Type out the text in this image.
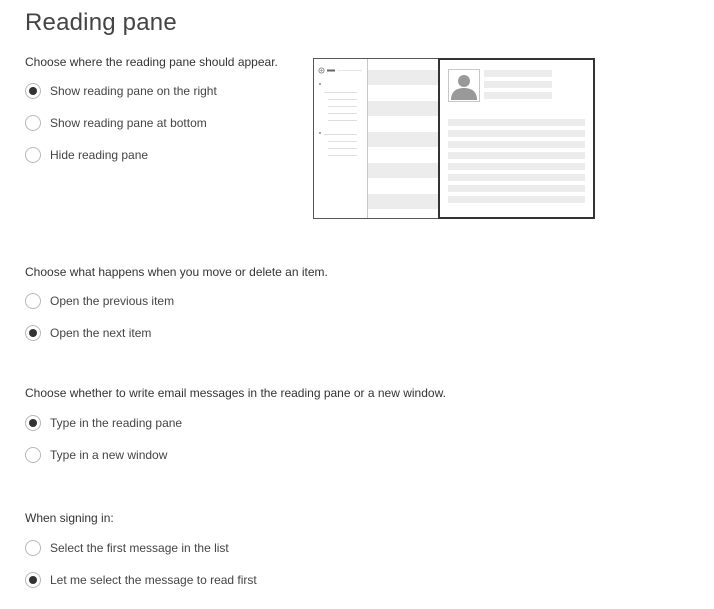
Reading pane
Choose where the reading pane should appear.
Show reading pane on the right
Show reading pane at bottom
Hide reading pane
Choose what happens when you move or delete an item.
Open the previous item
Open the next item
Choose whether to write email messages in the reading pane or a new window.
Type in the reading pane
Type in a new window
When signing in:
Select the first message in the list
Let me select the message to read first
